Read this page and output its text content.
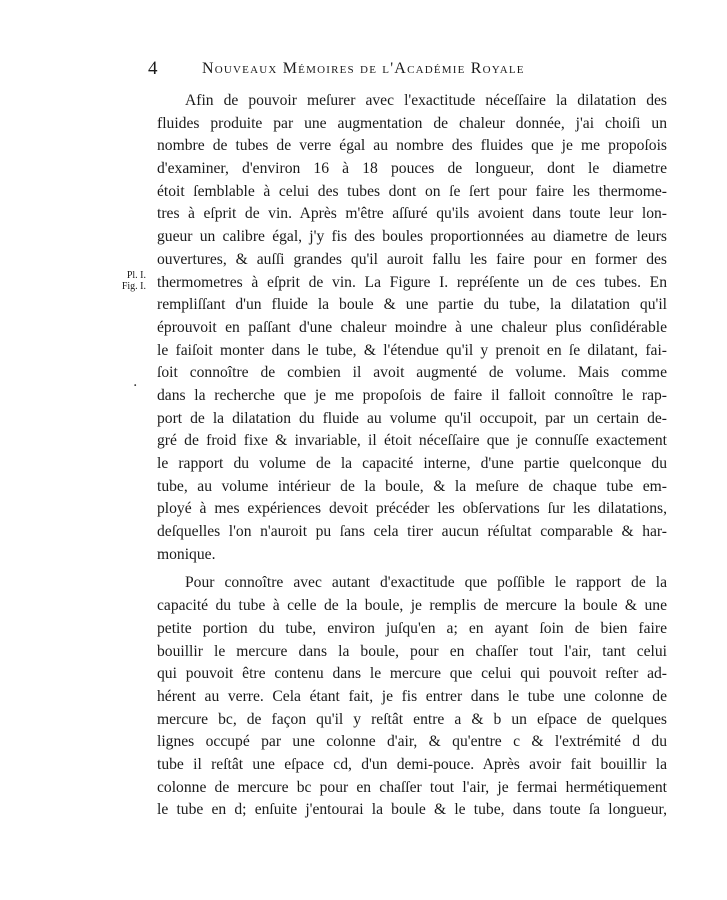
4	Nouveaux Mémoires de l'Académie Royale
Pl. I.
Fig. I.
·
Afin de pouvoir meſurer avec l'exactitude néceſſaire la dilatation des
fluides produite par une augmentation de chaleur donnée, j'ai choiſi un
nombre de tubes de verre égal au nombre des fluides que je me propoſois
d'examiner, d'environ 16 à 18 pouces de longueur, dont le diametre
étoit ſemblable à celui des tubes dont on ſe ſert pour faire les thermome-
tres à eſprit de vin. Après m'être aſſuré qu'ils avoient dans toute leur lon-
gueur un calibre égal, j'y fis des boules proportionnées au diametre de leurs
ouvertures, & auſſi grandes qu'il auroit fallu les faire pour en former des
thermometres à eſprit de vin. La Figure I. repréſente un de ces tubes. En
rempliſſant d'un fluide la boule & une partie du tube, la dilatation qu'il
éprouvoit en paſſant d'une chaleur moindre à une chaleur plus conſidérable
le faiſoit monter dans le tube, & l'étendue qu'il y prenoit en ſe dilatant, fai-
ſoit connoître de combien il avoit augmenté de volume. Mais comme
dans la recherche que je me propoſois de faire il falloit connoître le rap-
port de la dilatation du fluide au volume qu'il occupoit, par un certain de-
gré de froid fixe & invariable, il étoit néceſſaire que je connuſſe exactement
le rapport du volume de la capacité interne, d'une partie quelconque du
tube, au volume intérieur de la boule, & la meſure de chaque tube em-
ployé à mes expériences devoit précéder les obſervations ſur les dilatations,
deſquelles l'on n'auroit pu ſans cela tirer aucun réſultat comparable & har-
monique.
Pour connoître avec autant d'exactitude que poſſible le rapport de la
capacité du tube à celle de la boule, je remplis de mercure la boule & une
petite portion du tube, environ juſqu'en a; en ayant ſoin de bien faire
bouillir le mercure dans la boule, pour en chaſſer tout l'air, tant celui
qui pouvoit être contenu dans le mercure que celui qui pouvoit reſter ad-
hérent au verre. Cela étant fait, je fis entrer dans le tube une colonne de
mercure bc, de façon qu'il y reſtât entre a & b un eſpace de quelques
lignes occupé par une colonne d'air, & qu'entre c & l'extrémité d du
tube il reſtât une eſpace cd, d'un demi-pouce. Après avoir fait bouillir la
colonne de mercure bc pour en chaſſer tout l'air, je fermai hermétiquement
le tube en d; enſuite j'entourai la boule & le tube, dans toute ſa longueur,
